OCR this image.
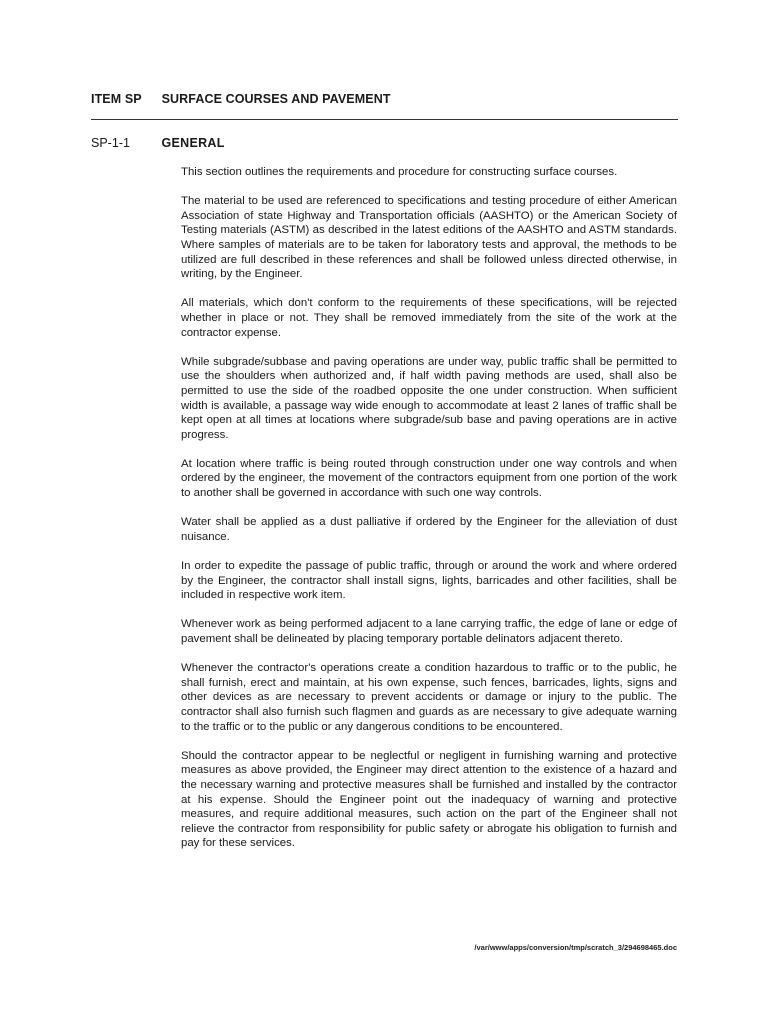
ITEM SP SURFACE COURSES AND PAVEMENT
SP-1-1	GENERAL

This section outlines the requirements and procedure for constructing surface courses.

The material to be used are referenced to specifications and testing procedure of either American Association of state Highway and Transportation officials (AASHTO) or the American Society of Testing materials (ASTM) as described in the latest editions of the AASHTO and ASTM standards. Where samples of materials are to be taken for laboratory tests and approval, the methods to be utilized are full described in these references and shall be followed unless directed otherwise, in writing, by the Engineer.

All materials, which don't conform to the requirements of these specifications, will be rejected whether in place or not. They shall be removed immediately from the site of the work at the contractor expense.

While subgrade/subbase and paving operations are under way, public traffic shall be permitted to use the shoulders when authorized and, if half width paving methods are used, shall also be permitted to use the side of the roadbed opposite the one under construction. When sufficient width is available, a passage way wide enough to accommodate at least 2 lanes of traffic shall be kept open at all times at locations where subgrade/sub base and paving operations are in active progress.

At location where traffic is being routed through construction under one way controls and when ordered by the engineer, the movement of the contractors equipment from one portion of the work to another shall be governed in accordance with such one way controls.

Water shall be applied as a dust palliative if ordered by the Engineer for the alleviation of dust nuisance.

In order to expedite the passage of public traffic, through or around the work and where ordered by the Engineer, the contractor shall install signs, lights, barricades and other facilities, shall be included in respective work item.

Whenever work as being performed adjacent to a lane carrying traffic, the edge of lane or edge of pavement shall be delineated by placing temporary portable delinators adjacent thereto.

Whenever the contractor's operations create a condition hazardous to traffic or to the public, he shall furnish, erect and maintain, at his own expense, such fences, barricades, lights, signs and other devices as are necessary to prevent accidents or damage or injury to the public. The contractor shall also furnish such flagmen and guards as are necessary to give adequate warning to the traffic or to the public or any dangerous conditions to be encountered.

Should the contractor appear to be neglectful or negligent in furnishing warning and protective measures as above provided, the Engineer may direct attention to the existence of a hazard and the necessary warning and protective measures shall be furnished and installed by the contractor at his expense. Should the Engineer point out the inadequacy of warning and protective measures, and require additional measures, such action on the part of the Engineer shall not relieve the contractor from responsibility for public safety or abrogate his obligation to furnish and pay for these services.

/var/www/apps/conversion/tmp/scratch_3/294698465.doc
